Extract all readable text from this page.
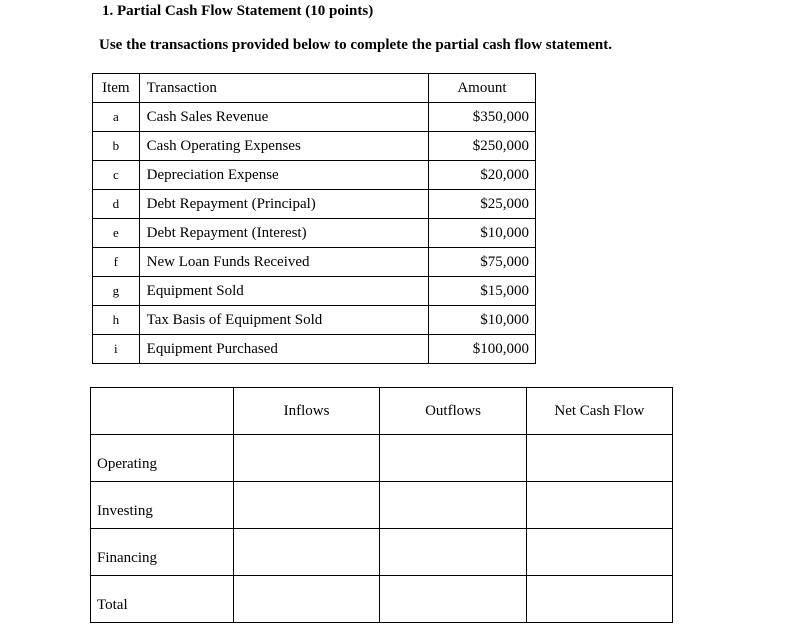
1. Partial Cash Flow Statement (10 points)
Use the transactions provided below to complete the partial cash flow statement.
Item	Transaction	Amount
a	Cash Sales Revenue	$350,000
b	Cash Operating Expenses	$250,000
c	Depreciation Expense	$20,000
d	Debt Repayment (Principal)	$25,000
e	Debt Repayment (Interest)	$10,000
f	New Loan Funds Received	$75,000
g	Equipment Sold	$15,000
h	Tax Basis of Equipment Sold	$10,000
i	Equipment Purchased	$100,000
	Inflows	Outflows	Net Cash Flow
Operating			
Investing			
Financing			
Total			
